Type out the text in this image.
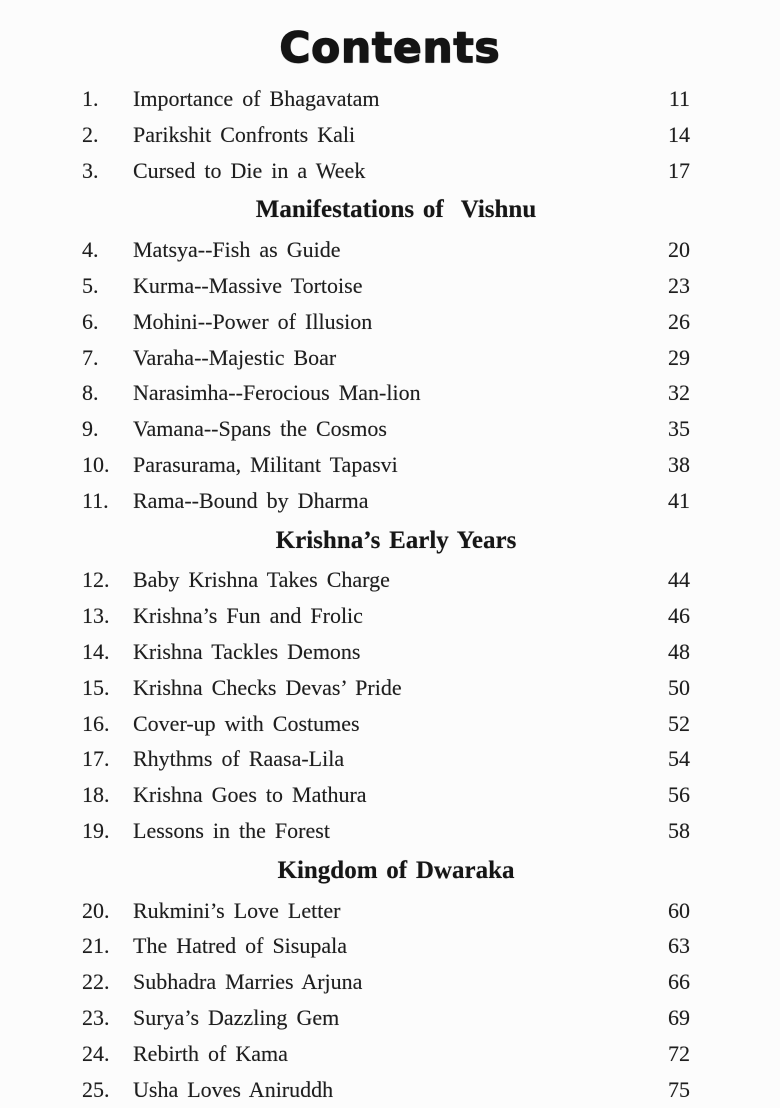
Contents
1.	Importance of Bhagavatam	11
2.	Parikshit Confronts Kali	14
3.	Cursed to Die in a Week	17
Manifestations of  Vishnu
4.	Matsya--Fish as Guide	20
5.	Kurma--Massive Tortoise	23
6.	Mohini--Power of Illusion	26
7.	Varaha--Majestic Boar	29
8.	Narasimha--Ferocious Man-lion	32
9.	Vamana--Spans the Cosmos	35
10.	Parasurama, Militant Tapasvi	38
11.	Rama--Bound by Dharma	41
Krishna’s Early Years
12.	Baby Krishna Takes Charge	44
13.	Krishna’s Fun and Frolic	46
14.	Krishna Tackles Demons	48
15.	Krishna Checks Devas’ Pride	50
16.	Cover-up with Costumes	52
17.	Rhythms of Raasa-Lila	54
18.	Krishna Goes to Mathura	56
19.	Lessons in the Forest	58
Kingdom of Dwaraka
20.	Rukmini’s Love Letter	60
21.	The Hatred of Sisupala	63
22.	Subhadra Marries Arjuna	66
23.	Surya’s Dazzling Gem	69
24.	Rebirth of Kama	72
25.	Usha Loves Aniruddh	75
